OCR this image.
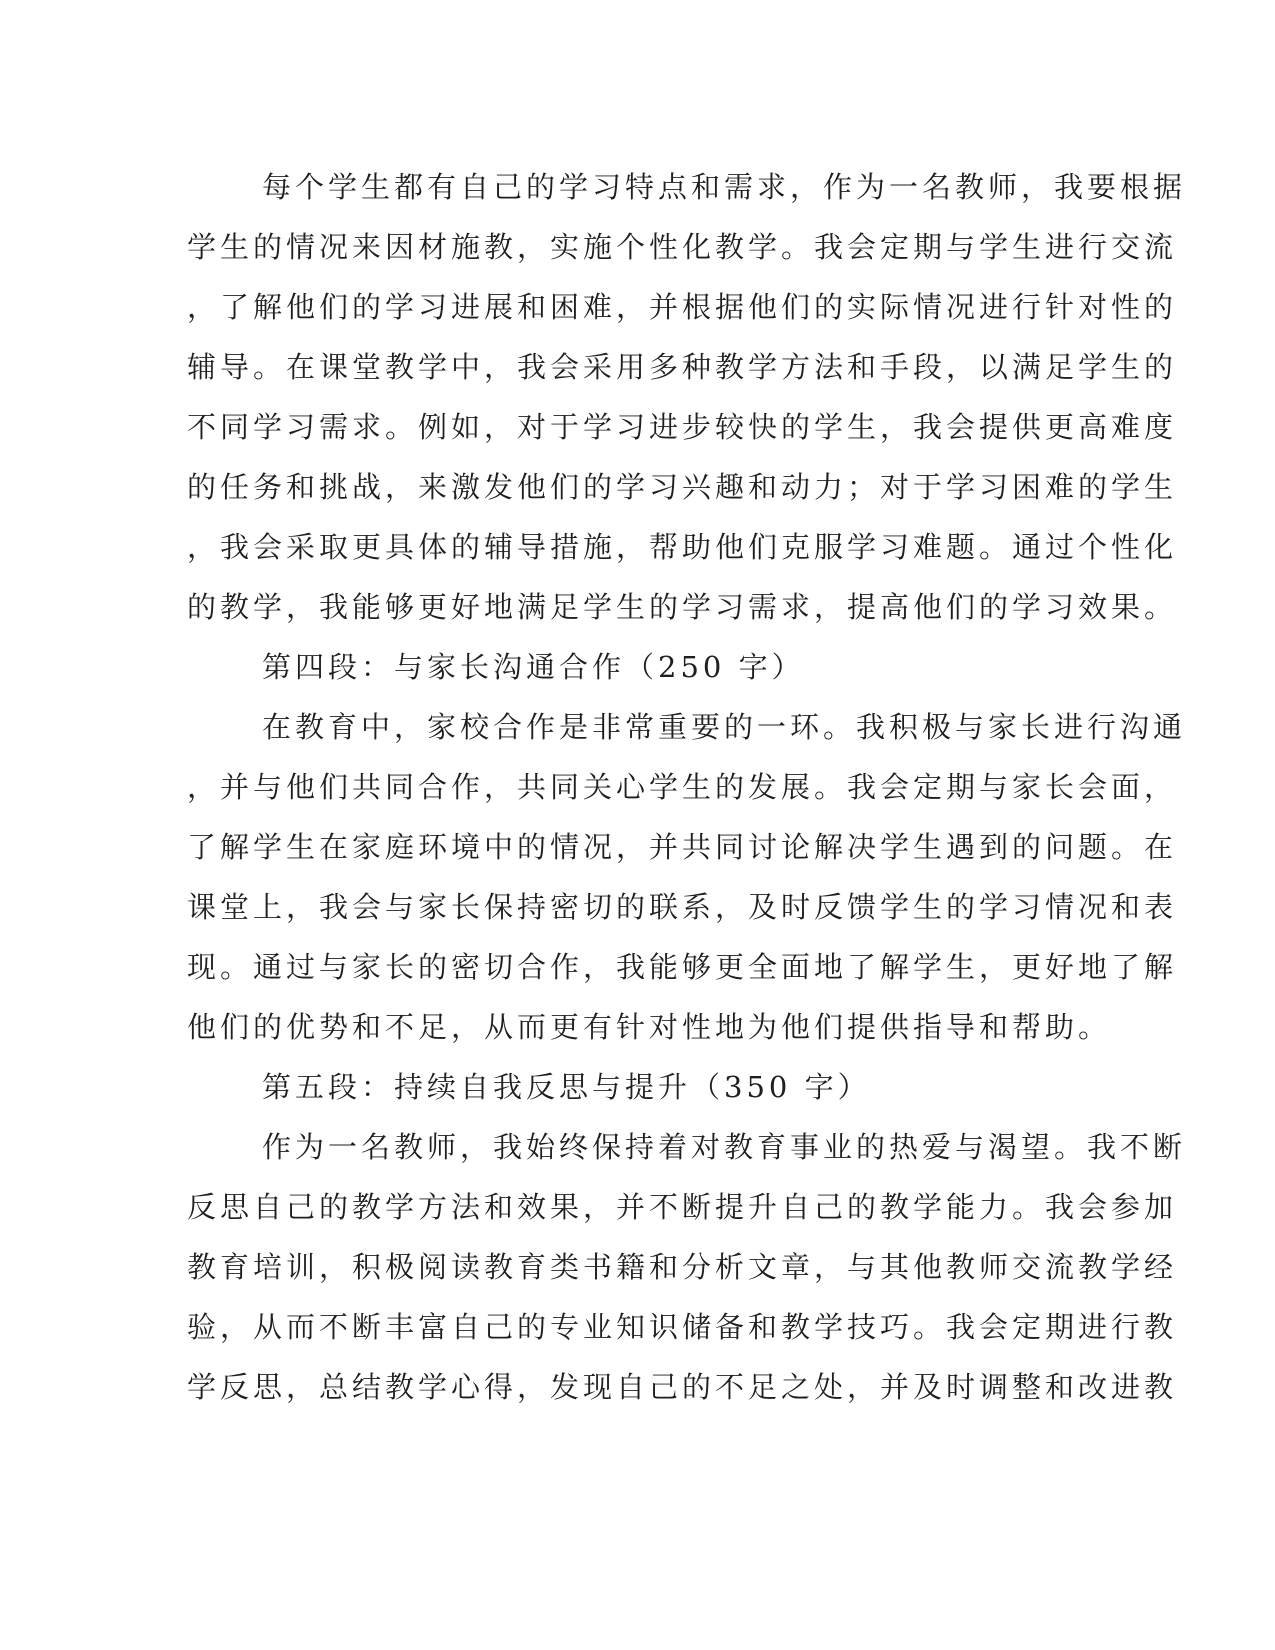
每个学生都有自己的学习特点和需求，作为一名教师，我要根据
学生的情况来因材施教，实施个性化教学。我会定期与学生进行交流
，了解他们的学习进展和困难，并根据他们的实际情况进行针对性的
辅导。在课堂教学中，我会采用多种教学方法和手段，以满足学生的
不同学习需求。例如，对于学习进步较快的学生，我会提供更高难度
的任务和挑战，来激发他们的学习兴趣和动力；对于学习困难的学生
，我会采取更具体的辅导措施，帮助他们克服学习难题。通过个性化
的教学，我能够更好地满足学生的学习需求，提高他们的学习效果。
第四段：与家长沟通合作（250 字）
在教育中，家校合作是非常重要的一环。我积极与家长进行沟通
，并与他们共同合作，共同关心学生的发展。我会定期与家长会面，
了解学生在家庭环境中的情况，并共同讨论解决学生遇到的问题。在
课堂上，我会与家长保持密切的联系，及时反馈学生的学习情况和表
现。通过与家长的密切合作，我能够更全面地了解学生，更好地了解
他们的优势和不足，从而更有针对性地为他们提供指导和帮助。
第五段：持续自我反思与提升（350 字）
作为一名教师，我始终保持着对教育事业的热爱与渴望。我不断
反思自己的教学方法和效果，并不断提升自己的教学能力。我会参加
教育培训，积极阅读教育类书籍和分析文章，与其他教师交流教学经
验，从而不断丰富自己的专业知识储备和教学技巧。我会定期进行教
学反思，总结教学心得，发现自己的不足之处，并及时调整和改进教
